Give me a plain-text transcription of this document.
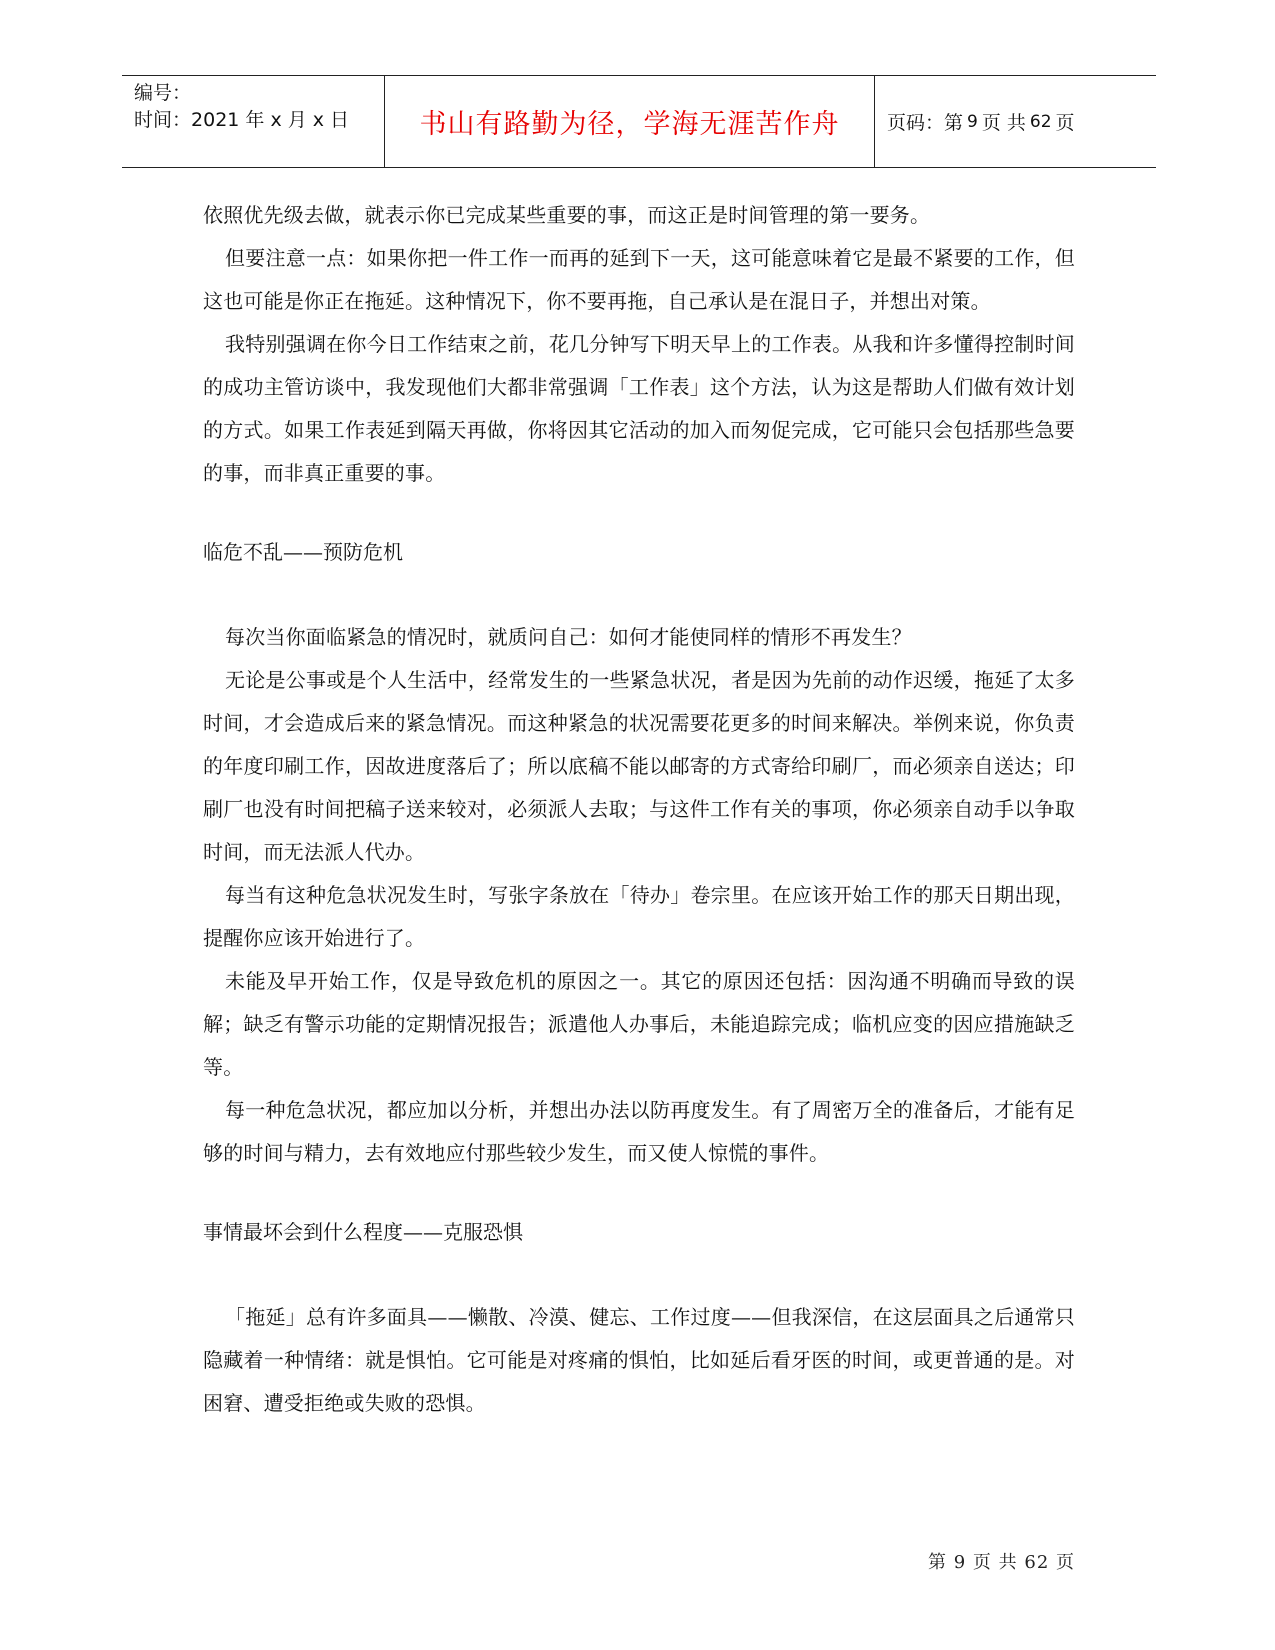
编号：
时间：2021 年 x 月 x 日	书山有路勤为径，学海无涯苦作舟	页码：第 9 页 共 62 页

依照优先级去做，就表示你已完成某些重要的事，而这正是时间管理的第一要务。

但要注意一点：如果你把一件工作一而再的延到下一天，这可能意味着它是最不紧要的工作，但这也可能是你正在拖延。这种情况下，你不要再拖，自己承认是在混日子，并想出对策。

我特别强调在你今日工作结束之前，花几分钟写下明天早上的工作表。从我和许多懂得控制时间的成功主管访谈中，我发现他们大都非常强调「工作表」这个方法，认为这是帮助人们做有效计划的方式。如果工作表延到隔天再做，你将因其它活动的加入而匆促完成，它可能只会包括那些急要的事，而非真正重要的事。

临危不乱——预防危机

每次当你面临紧急的情况时，就质问自己：如何才能使同样的情形不再发生？

无论是公事或是个人生活中，经常发生的一些紧急状况，者是因为先前的动作迟缓，拖延了太多时间，才会造成后来的紧急情况。而这种紧急的状况需要花更多的时间来解决。举例来说，你负责的年度印刷工作，因故进度落后了；所以底稿不能以邮寄的方式寄给印刷厂，而必须亲自送达；印刷厂也没有时间把稿子送来较对，必须派人去取；与这件工作有关的事项，你必须亲自动手以争取时间，而无法派人代办。

每当有这种危急状况发生时，写张字条放在「待办」卷宗里。在应该开始工作的那天日期出现，提醒你应该开始进行了。

未能及早开始工作，仅是导致危机的原因之一。其它的原因还包括：因沟通不明确而导致的误解；缺乏有警示功能的定期情况报告；派遣他人办事后，未能追踪完成；临机应变的因应措施缺乏等。

每一种危急状况，都应加以分析，并想出办法以防再度发生。有了周密万全的准备后，才能有足够的时间与精力，去有效地应付那些较少发生，而又使人惊慌的事件。

事情最坏会到什么程度——克服恐惧

「拖延」总有许多面具——懒散、冷漠、健忘、工作过度——但我深信，在这层面具之后通常只隐藏着一种情绪：就是惧怕。它可能是对疼痛的惧怕，比如延后看牙医的时间，或更普通的是。对困窘、遭受拒绝或失败的恐惧。

第 9 页 共 62 页
